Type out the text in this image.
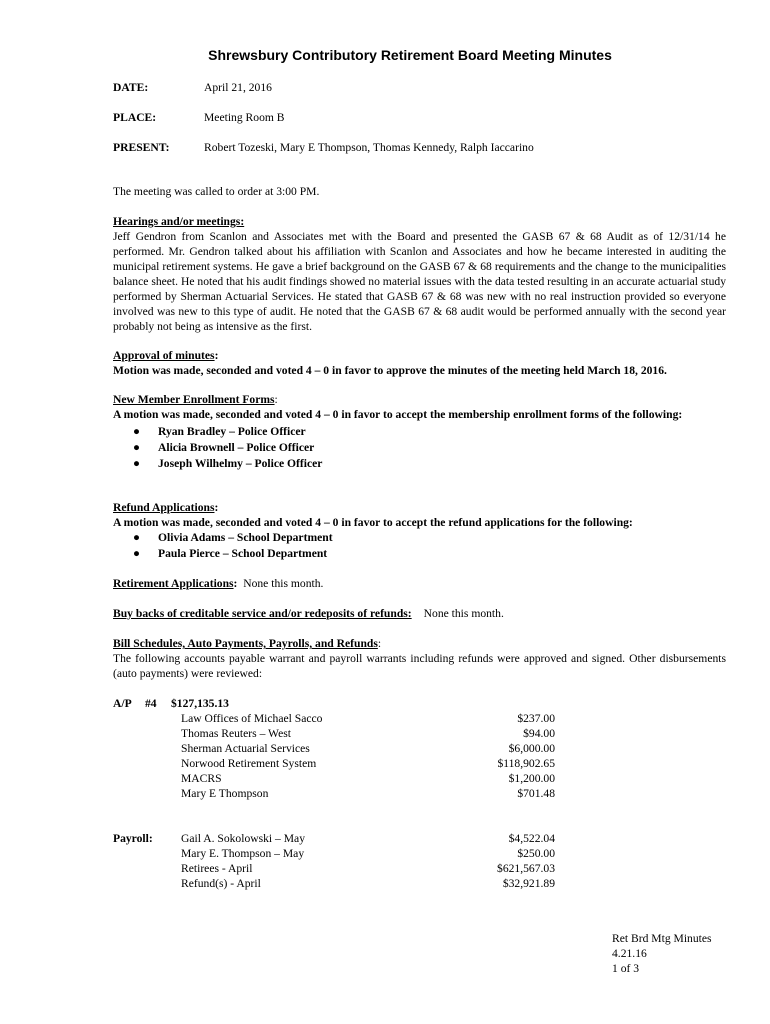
Shrewsbury Contributory Retirement Board Meeting Minutes
DATE:	April 21, 2016
PLACE:	Meeting Room B
PRESENT:	Robert Tozeski, Mary E Thompson, Thomas Kennedy, Ralph Iaccarino
The meeting was called to order at 3:00 PM.
Hearings and/or meetings:
Jeff Gendron from Scanlon and Associates met with the Board and presented the GASB 67 & 68 Audit as of 12/31/14 he performed. Mr. Gendron talked about his affiliation with Scanlon and Associates and how he became interested in auditing the municipal retirement systems. He gave a brief background on the GASB 67 & 68 requirements and the change to the municipalities balance sheet. He noted that his audit findings showed no material issues with the data tested resulting in an accurate actuarial study performed by Sherman Actuarial Services. He stated that GASB 67 & 68 was new with no real instruction provided so everyone involved was new to this type of audit. He noted that the GASB 67 & 68 audit would be performed annually with the second year probably not being as intensive as the first.
Approval of minutes:
Motion was made, seconded and voted 4 – 0 in favor to approve the minutes of the meeting held March 18, 2016.
New Member Enrollment Forms:
A motion was made, seconded and voted 4 – 0 in favor to accept the membership enrollment forms of the following:
● Ryan Bradley – Police Officer
● Alicia Brownell – Police Officer
● Joseph Wilhelmy – Police Officer
Refund Applications:
A motion was made, seconded and voted 4 – 0 in favor to accept the refund applications for the following:
● Olivia Adams – School Department
● Paula Pierce – School Department
Retirement Applications: None this month.
Buy backs of creditable service and/or redeposits of refunds: None this month.
Bill Schedules, Auto Payments, Payrolls, and Refunds:
The following accounts payable warrant and payroll warrants including refunds were approved and signed. Other disbursements (auto payments) were reviewed:
A/P #4 $127,135.13
Law Offices of Michael Sacco	$237.00
Thomas Reuters – West	$94.00
Sherman Actuarial Services	$6,000.00
Norwood Retirement System	$118,902.65
MACRS	$1,200.00
Mary E Thompson	$701.48
Payroll: Gail A. Sokolowski – May	$4,522.04
Mary E. Thompson – May	$250.00
Retirees - April	$621,567.03
Refund(s) - April	$32,921.89
Ret Brd Mtg Minutes
4.21.16
1 of 3
